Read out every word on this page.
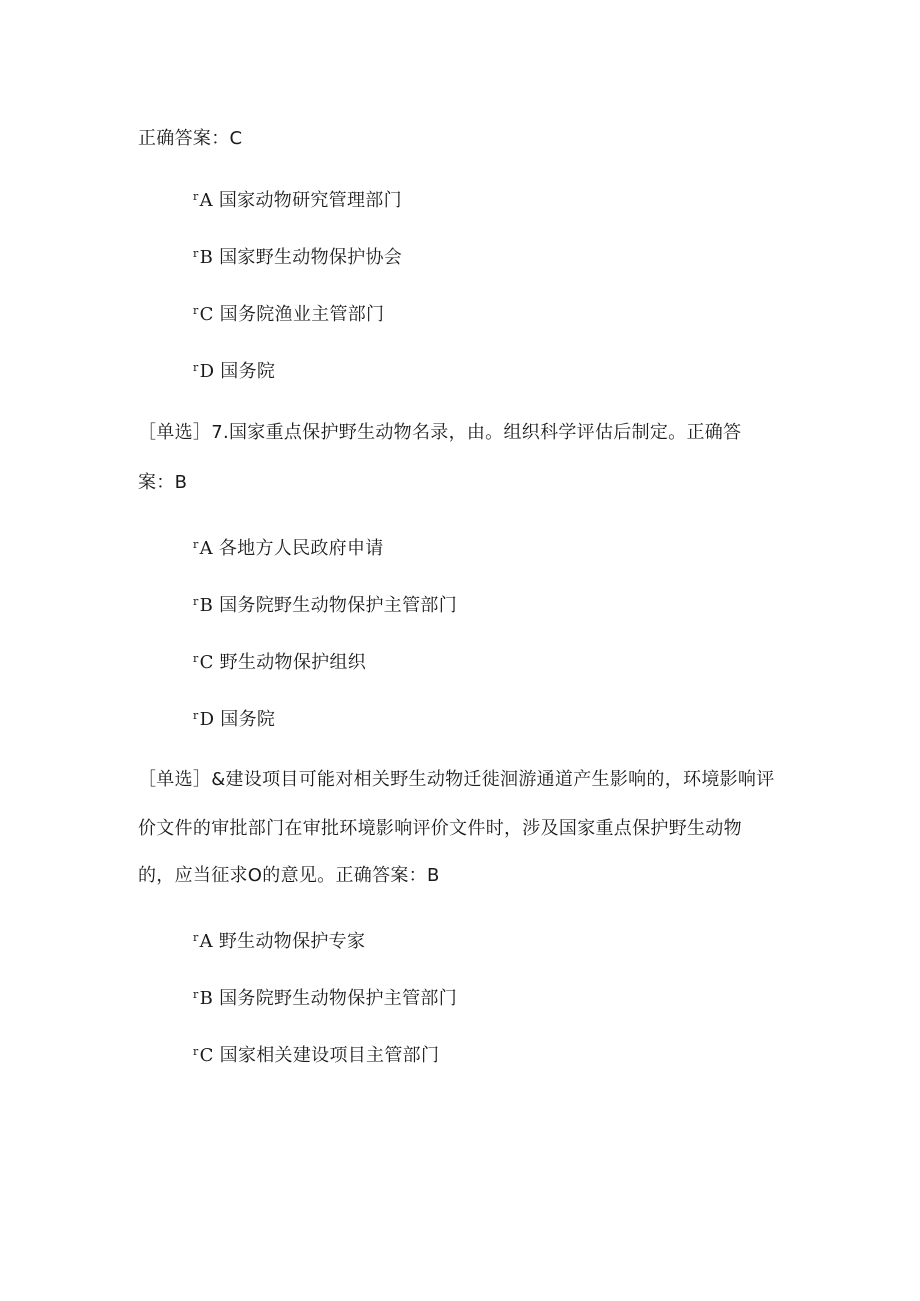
正确答案：C
$^r$A 国家动物研究管理部门
$^r$B 国家野生动物保护协会
$^r$C 国务院渔业主管部门
$^r$D 国务院
［单选］7.国家重点保护野生动物名录，由。组织科学评估后制定。正确答
案：B
$^r$A 各地方人民政府申请
$^r$B 国务院野生动物保护主管部门
$^r$C 野生动物保护组织
$^r$D 国务院
［单选］&建设项目可能对相关野生动物迁徙洄游通道产生影响的，环境影响评
价文件的审批部门在审批环境影响评价文件时，涉及国家重点保护野生动物
的，应当征求O的意见。正确答案：B
$^r$A 野生动物保护专家
$^r$B 国务院野生动物保护主管部门
$^r$C 国家相关建设项目主管部门
